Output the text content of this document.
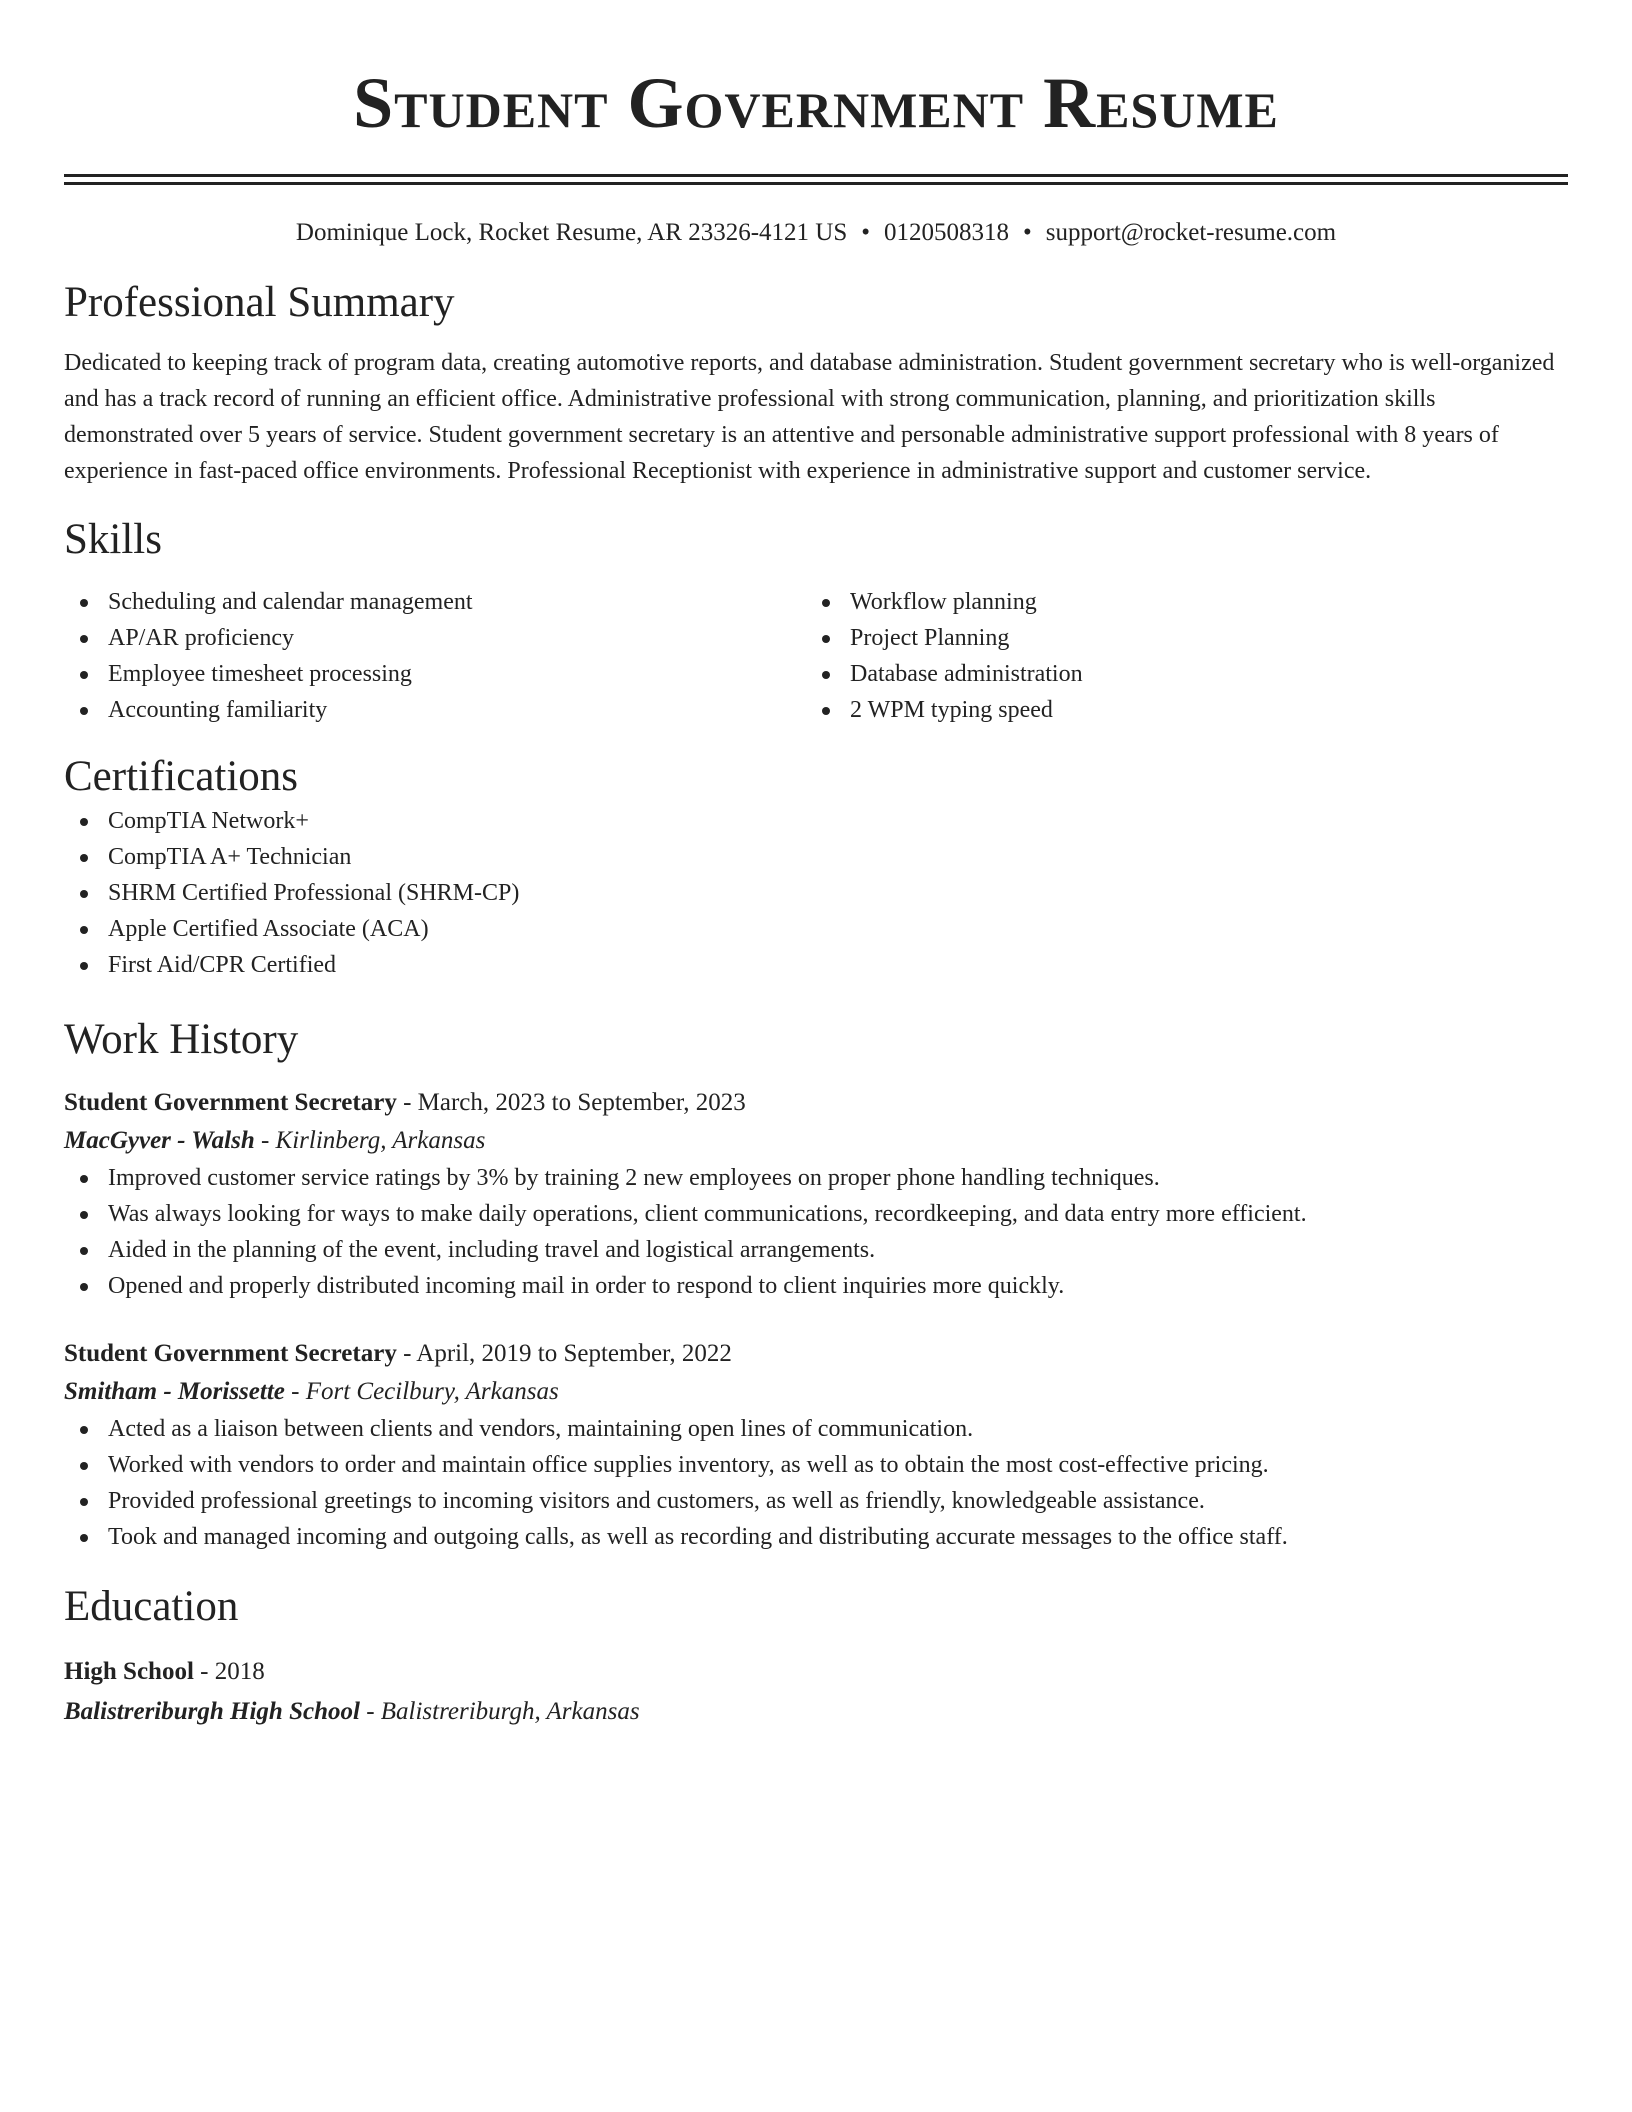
Student Government Resume
Dominique Lock, Rocket Resume, AR 23326-4121 US • 0120508318 • support@rocket-resume.com
Professional Summary

Dedicated to keeping track of program data, creating automotive reports, and database administration. Student government secretary who is well-organized and has a track record of running an efficient office. Administrative professional with strong communication, planning, and prioritization skills demonstrated over 5 years of service. Student government secretary is an attentive and personable administrative support professional with 8 years of experience in fast-paced office environments. Professional Receptionist with experience in administrative support and customer service.

Skills
Scheduling and calendar management
AP/AR proficiency
Employee timesheet processing
Accounting familiarity
Workflow planning
Project Planning
Database administration
2 WPM typing speed
Certifications
CompTIA Network+
CompTIA A+ Technician
SHRM Certified Professional (SHRM-CP)
Apple Certified Associate (ACA)
First Aid/CPR Certified
Work History
Student Government Secretary - March, 2023 to September, 2023
MacGyver - Walsh - Kirlinberg, Arkansas
Improved customer service ratings by 3% by training 2 new employees on proper phone handling techniques.
Was always looking for ways to make daily operations, client communications, recordkeeping, and data entry more efficient.
Aided in the planning of the event, including travel and logistical arrangements.
Opened and properly distributed incoming mail in order to respond to client inquiries more quickly.
Student Government Secretary - April, 2019 to September, 2022
Smitham - Morissette - Fort Cecilbury, Arkansas
Acted as a liaison between clients and vendors, maintaining open lines of communication.
Worked with vendors to order and maintain office supplies inventory, as well as to obtain the most cost-effective pricing.
Provided professional greetings to incoming visitors and customers, as well as friendly, knowledgeable assistance.
Took and managed incoming and outgoing calls, as well as recording and distributing accurate messages to the office staff.
Education
High School - 2018
Balistreriburgh High School - Balistreriburgh, Arkansas
